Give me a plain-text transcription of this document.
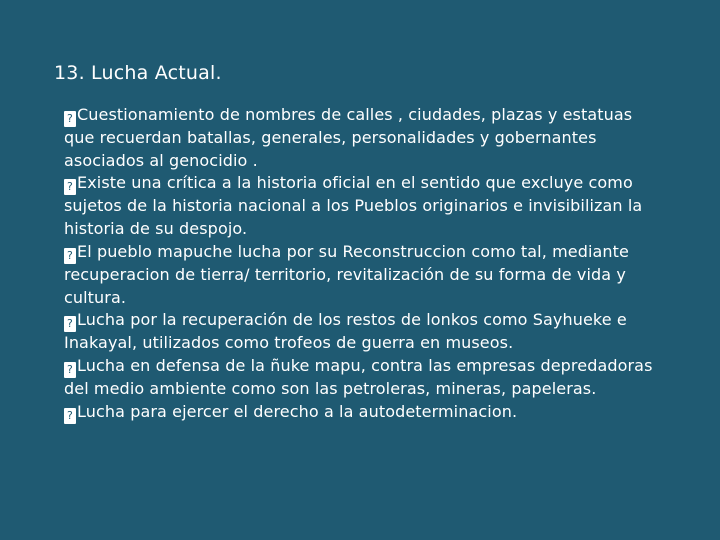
13. Lucha Actual.

? Cuestionamiento de nombres de calles , ciudades, plazas y estatuas que recuerdan batallas, generales, personalidades y gobernantes asociados al genocidio .

? Existe una crítica a la historia oficial en el sentido que excluye como sujetos de la historia nacional a los Pueblos originarios e invisibilizan la historia de su despojo.

? El pueblo mapuche lucha por su Reconstruccion como tal, mediante recuperacion de tierra/ territorio, revitalización de su forma de vida y cultura.

? Lucha por la recuperación de los restos de lonkos como Sayhueke e Inakayal, utilizados como trofeos de guerra en museos.

? Lucha en defensa de la ñuke mapu, contra las empresas depredadoras del medio ambiente como son las petroleras, mineras, papeleras.

? Lucha para ejercer el derecho a la autodeterminacion.
